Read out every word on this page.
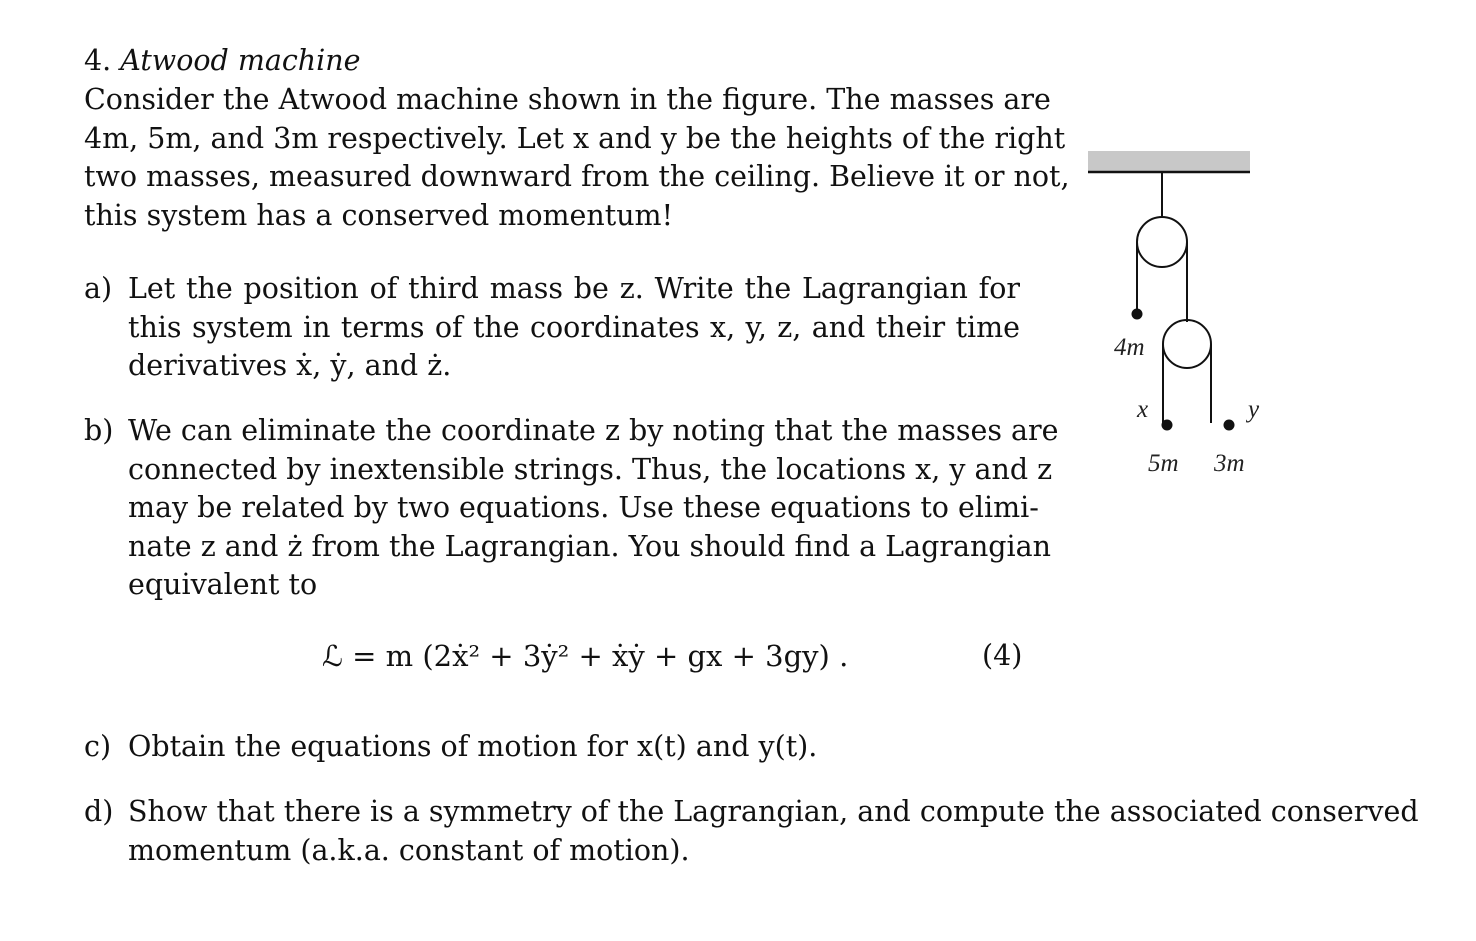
4. Atwood machine
Consider the Atwood machine shown in the figure. The masses are
4m, 5m, and 3m respectively. Let x and y be the heights of the right
two masses, measured downward from the ceiling. Believe it or not,
this system has a conserved momentum!
a) Let the position of third mass be z. Write the Lagrangian for
this system in terms of the coordinates x, y, z, and their time
derivatives ẋ, ẏ, and ż.
b) We can eliminate the coordinate z by noting that the masses are
connected by inextensible strings. Thus, the locations x, y and z
may be related by two equations. Use these equations to elimi-
nate z and ż from the Lagrangian. You should find a Lagrangian
equivalent to
ℒ = m (2ẋ² + 3ẏ² + ẋẏ + gx + 3gy) .	(4)
c) Obtain the equations of motion for x(t) and y(t).
d) Show that there is a symmetry of the Lagrangian, and compute the associated conserved
momentum (a.k.a. constant of motion).
4m
x	y
5m 3m
